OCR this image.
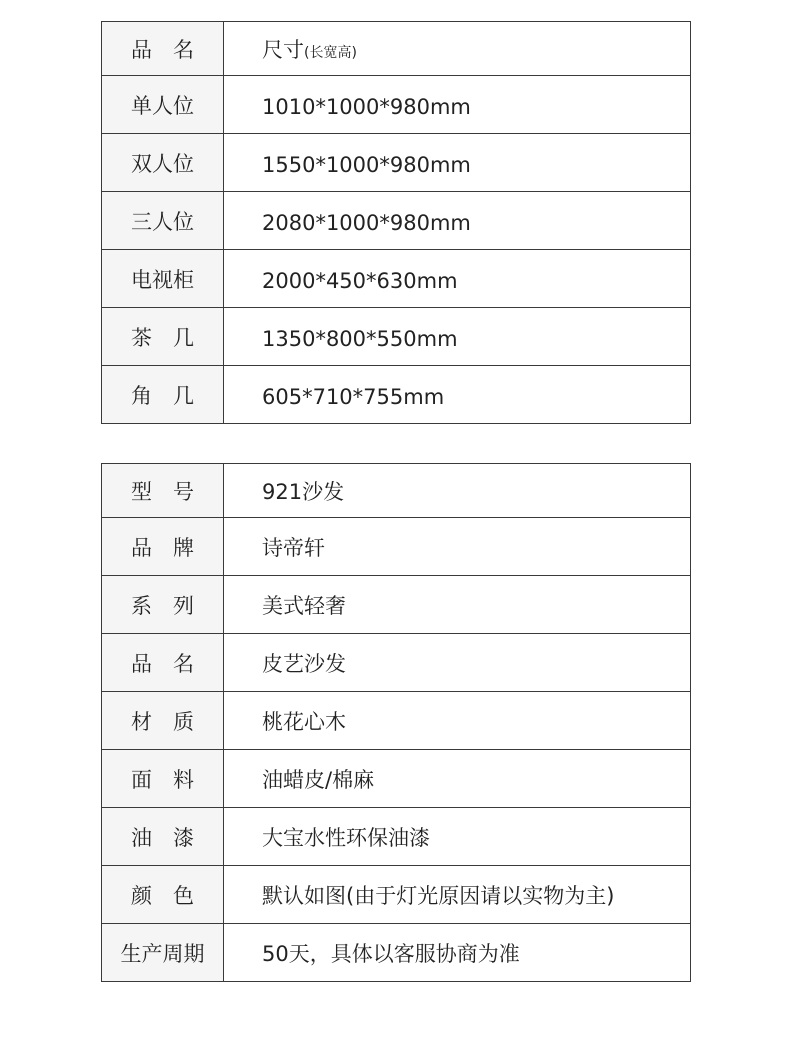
品　名	尺寸(长宽高)
单人位	1010*1000*980mm
双人位	1550*1000*980mm
三人位	2080*1000*980mm
电视柜	2000*450*630mm
茶　几	1350*800*550mm
角　几	605*710*755mm
型　号	921沙发
品　牌	诗帝轩
系　列	美式轻奢
品　名	皮艺沙发
材　质	桃花心木
面　料	油蜡皮/棉麻
油　漆	大宝水性环保油漆
颜　色	默认如图(由于灯光原因请以实物为主)
生产周期	50天，具体以客服协商为准
